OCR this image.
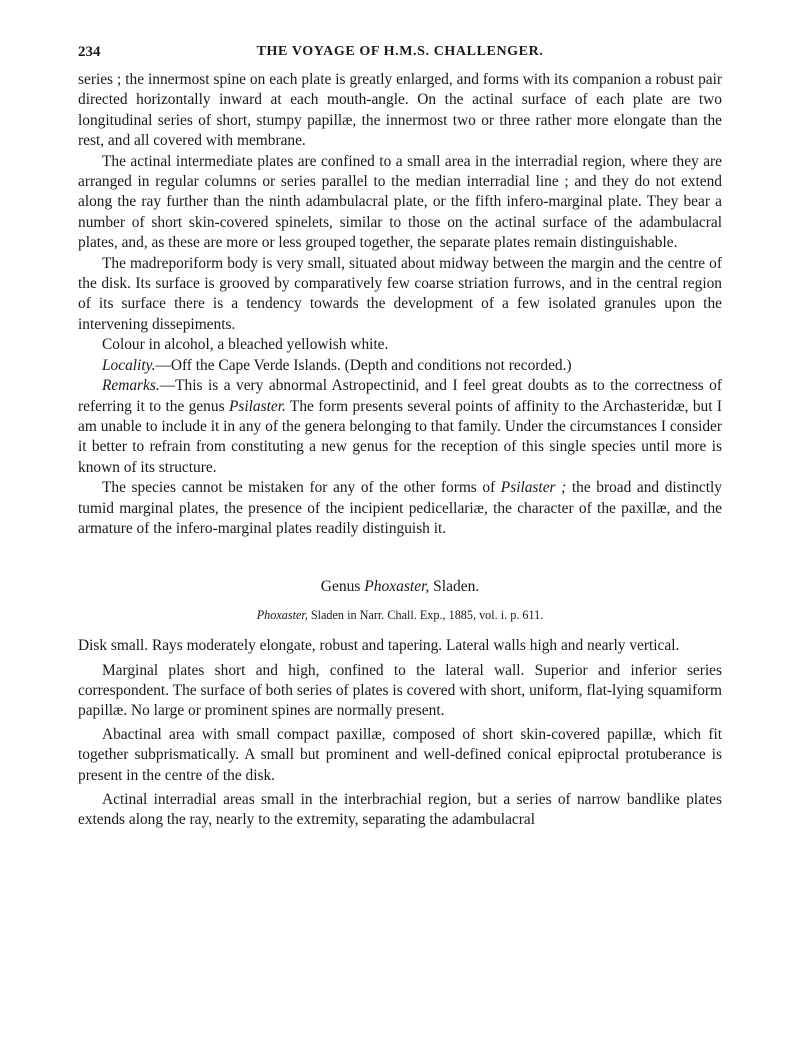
234	THE VOYAGE OF H.M.S. CHALLENGER.

series ; the innermost spine on each plate is greatly enlarged, and forms with its companion a robust pair directed horizontally inward at each mouth-angle. On the actinal surface of each plate are two longitudinal series of short, stumpy papillæ, the innermost two or three rather more elongate than the rest, and all covered with membrane.

The actinal intermediate plates are confined to a small area in the interradial region, where they are arranged in regular columns or series parallel to the median interradial line ; and they do not extend along the ray further than the ninth adambulacral plate, or the fifth infero-marginal plate. They bear a number of short skin-covered spinelets, similar to those on the actinal surface of the adambulacral plates, and, as these are more or less grouped together, the separate plates remain distinguishable.

The madreporiform body is very small, situated about midway between the margin and the centre of the disk. Its surface is grooved by comparatively few coarse striation furrows, and in the central region of its surface there is a tendency towards the development of a few isolated granules upon the intervening dissepiments.

Colour in alcohol, a bleached yellowish white.

Locality.—Off the Cape Verde Islands. (Depth and conditions not recorded.)

Remarks.—This is a very abnormal Astropectinid, and I feel great doubts as to the correctness of referring it to the genus Psilaster. The form presents several points of affinity to the Archasteridæ, but I am unable to include it in any of the genera belonging to that family. Under the circumstances I consider it better to refrain from constituting a new genus for the reception of this single species until more is known of its structure.

The species cannot be mistaken for any of the other forms of Psilaster ; the broad and distinctly tumid marginal plates, the presence of the incipient pedicellariæ, the character of the paxillæ, and the armature of the infero-marginal plates readily distinguish it.

Genus Phoxaster, Sladen.

Phoxaster, Sladen in Narr. Chall. Exp., 1885, vol. i. p. 611.

Disk small. Rays moderately elongate, robust and tapering. Lateral walls high and nearly vertical.

Marginal plates short and high, confined to the lateral wall. Superior and inferior series correspondent. The surface of both series of plates is covered with short, uniform, flat-lying squamiform papillæ. No large or prominent spines are normally present.

Abactinal area with small compact paxillæ, composed of short skin-covered papillæ, which fit together subprismatically. A small but prominent and well-defined conical epiproctal protuberance is present in the centre of the disk.

Actinal interradial areas small in the interbrachial region, but a series of narrow bandlike plates extends along the ray, nearly to the extremity, separating the adambulacral
